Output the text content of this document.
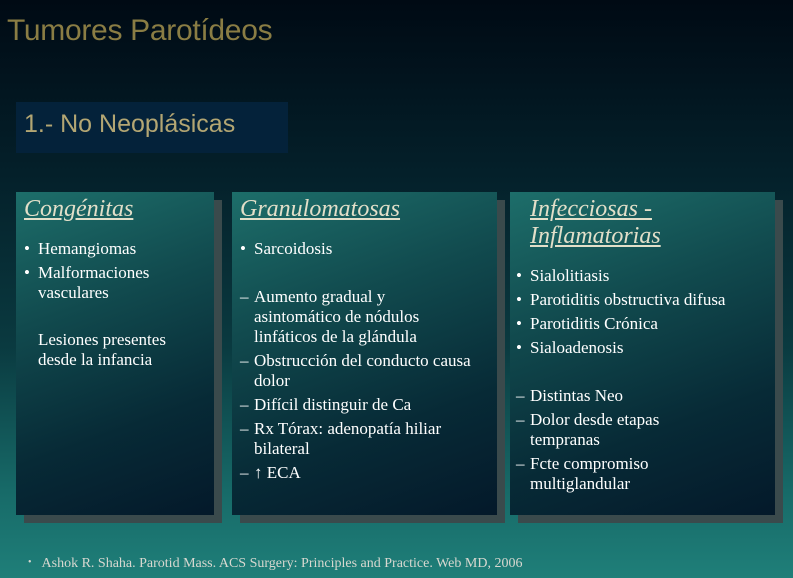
Tumores Parotídeos
1.- No Neoplásicas
Congénitas
• Hemangiomas
• Malformaciones vasculares
Lesiones presentes desde la infancia
Granulomatosas
• Sarcoidosis
– Aumento gradual y asintomático de nódulos linfáticos de la glándula
– Obstrucción del conducto causa dolor
– Difícil distinguir de Ca
– Rx Tórax: adenopatía hiliar bilateral
– ↑ ECA
Infecciosas -
Inflamatorias
• Sialolitiasis
• Parotiditis obstructiva difusa
• Parotiditis Crónica
• Sialoadenosis
– Distintas Neo
– Dolor desde etapas tempranas
– Fcte compromiso multiglandular
• Ashok R. Shaha. Parotid Mass. ACS Surgery: Principles and Practice. Web MD, 2006
